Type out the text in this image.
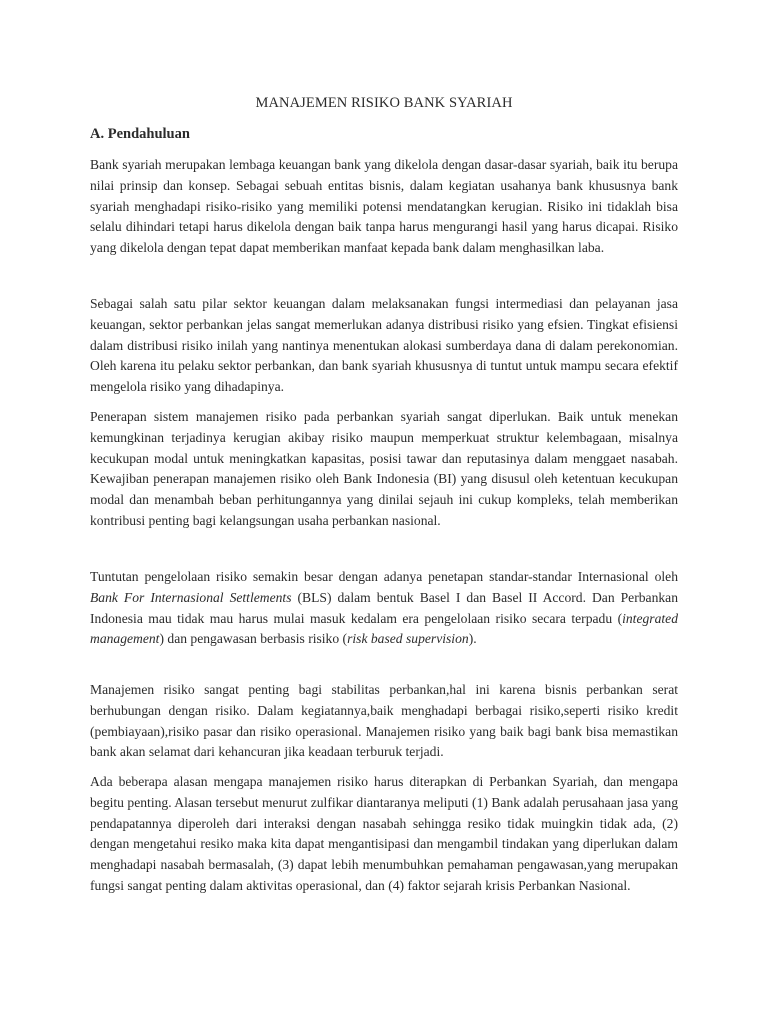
MANAJEMEN RISIKO BANK SYARIAH
A. Pendahuluan

Bank syariah merupakan lembaga keuangan bank yang dikelola dengan dasar-dasar syariah, baik itu berupa nilai prinsip dan konsep. Sebagai sebuah entitas bisnis, dalam kegiatan usahanya bank khususnya bank syariah menghadapi risiko-risiko yang memiliki potensi mendatangkan kerugian. Risiko ini tidaklah bisa selalu dihindari tetapi harus dikelola dengan baik tanpa harus mengurangi hasil yang harus dicapai. Risiko yang dikelola dengan tepat dapat memberikan manfaat kepada bank dalam menghasilkan laba.

Sebagai salah satu pilar sektor keuangan dalam melaksanakan fungsi intermediasi dan pelayanan jasa keuangan, sektor perbankan jelas sangat memerlukan adanya distribusi risiko yang efsien. Tingkat efisiensi dalam distribusi risiko inilah yang nantinya menentukan alokasi sumberdaya dana di dalam perekonomian. Oleh karena itu pelaku sektor perbankan, dan bank syariah khususnya di tuntut untuk mampu secara efektif mengelola risiko yang dihadapinya.

Penerapan sistem manajemen risiko pada perbankan syariah sangat diperlukan. Baik untuk menekan kemungkinan terjadinya kerugian akibay risiko maupun memperkuat struktur kelembagaan, misalnya kecukupan modal untuk meningkatkan kapasitas, posisi tawar dan reputasinya dalam menggaet nasabah. Kewajiban penerapan manajemen risiko oleh Bank Indonesia (BI) yang disusul oleh ketentuan kecukupan modal dan menambah beban perhitungannya yang dinilai sejauh ini cukup kompleks, telah memberikan kontribusi penting bagi kelangsungan usaha perbankan nasional.

Tuntutan pengelolaan risiko semakin besar dengan adanya penetapan standar-standar Internasional oleh Bank For Internasional Settlements (BLS) dalam bentuk Basel I dan Basel II Accord. Dan Perbankan Indonesia mau tidak mau harus mulai masuk kedalam era pengelolaan risiko secara terpadu (integrated management) dan pengawasan berbasis risiko (risk based supervision).

Manajemen risiko sangat penting bagi stabilitas perbankan,hal ini karena bisnis perbankan serat berhubungan dengan risiko. Dalam kegiatannya,baik menghadapi berbagai risiko,seperti risiko kredit (pembiayaan),risiko pasar dan risiko operasional. Manajemen risiko yang baik bagi bank bisa memastikan bank akan selamat dari kehancuran jika keadaan terburuk terjadi.

Ada beberapa alasan mengapa manajemen risiko harus diterapkan di Perbankan Syariah, dan mengapa begitu penting. Alasan tersebut menurut zulfikar diantaranya meliputi (1) Bank adalah perusahaan jasa yang pendapatannya diperoleh dari interaksi dengan nasabah sehingga resiko tidak muingkin tidak ada, (2) dengan mengetahui resiko maka kita dapat mengantisipasi dan mengambil tindakan yang diperlukan dalam menghadapi nasabah bermasalah, (3) dapat lebih menumbuhkan pemahaman pengawasan,yang merupakan fungsi sangat penting dalam aktivitas operasional, dan (4) faktor sejarah krisis Perbankan Nasional.
